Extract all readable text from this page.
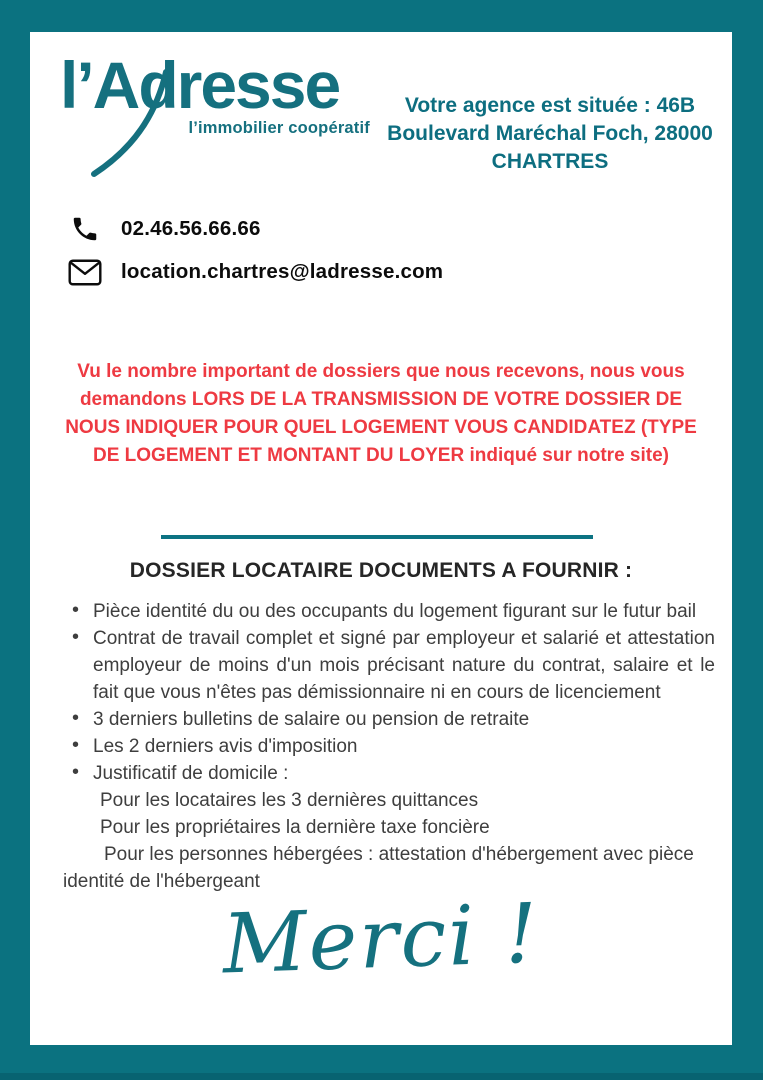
l’Adresse
l’immobilier coopératif
Votre agence est située : 46B
Boulevard Maréchal Foch, 28000
CHARTRES
02.46.56.66.66
location.chartres@ladresse.com
Vu le nombre important de dossiers que nous recevons, nous vous demandons LORS DE LA TRANSMISSION DE VOTRE DOSSIER DE NOUS INDIQUER POUR QUEL LOGEMENT VOUS CANDIDATEZ (TYPE DE LOGEMENT ET MONTANT DU LOYER indiqué sur notre site)
DOSSIER LOCATAIRE DOCUMENTS A FOURNIR :
• Pièce identité du ou des occupants du logement figurant sur le futur bail
• Contrat de travail complet et signé par employeur et salarié et attestation employeur de moins d'un mois précisant nature du contrat, salaire et le fait que vous n'êtes pas démissionnaire ni en cours de licenciement
• 3 derniers bulletins de salaire ou pension de retraite
• Les 2 derniers avis d'imposition
• Justificatif de domicile :
Pour les locataires les 3 dernières quittances
Pour les propriétaires la dernière taxe foncière
Pour les personnes hébergées : attestation d'hébergement avec pièce identité de l'hébergeant
Merci !
